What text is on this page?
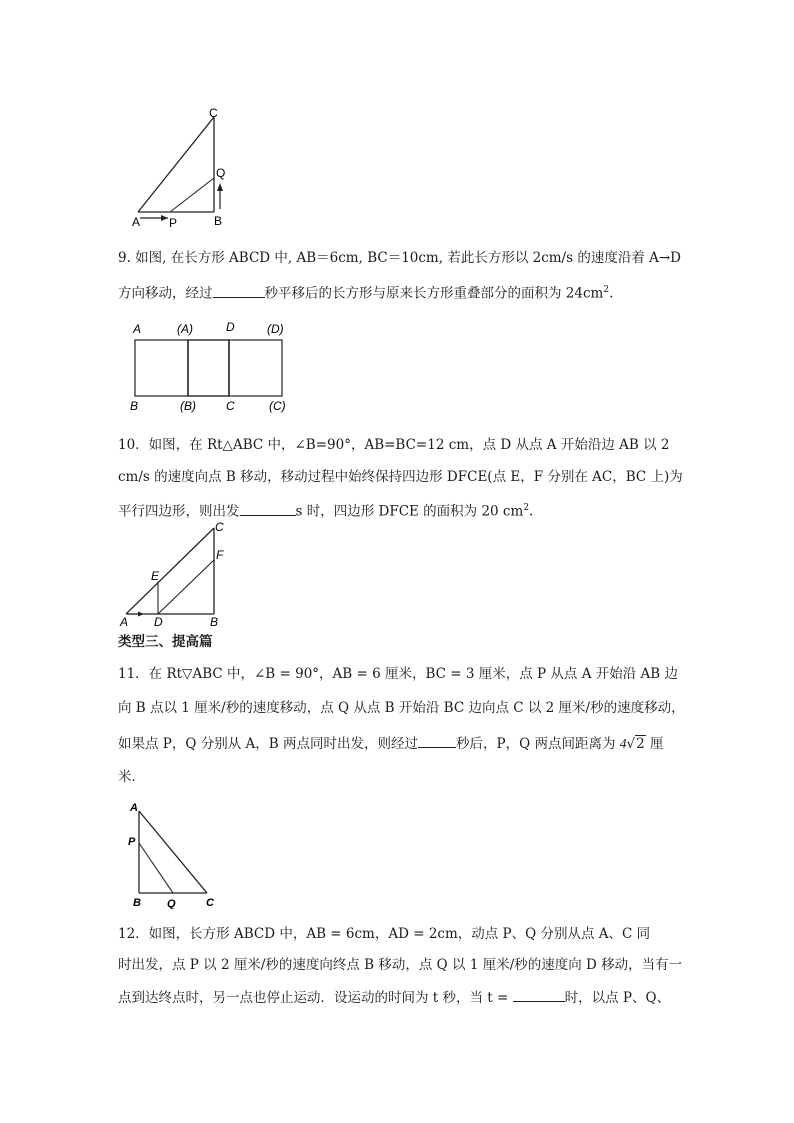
C
Q
A P	B
9. 如图, 在长方形 ABCD 中, AB＝6cm, BC＝10cm, 若此长方形以 2cm/s 的速度沿着 A→D
方向移动，经过	秒平移后的长方形与原来长方形重叠部分的面积为 $24cm^2$.
A	(A)	D	(D)
B	(B)	C	(C)
10．如图，在 Rt△ABC 中，∠B=90°，AB=BC=12 cm，点 D 从点 A 开始沿边 AB 以 2
cm/s 的速度向点 B 移动，移动过程中始终保持四边形 DFCE(点 E，F 分别在 AC，BC 上)为
平行四边形，则出发	s 时，四边形 DFCE 的面积为 20 $cm^2$.
C
F
E
A D	B
类型三、提高篇
11．在 Rt▽ABC 中，∠B = 90°，AB = 6 厘米，BC = 3 厘米，点 P 从点 A 开始沿 AB 边
向 B 点以 1 厘米/秒的速度移动，点 Q 从点 B 开始沿 BC 边向点 C 以 2 厘米/秒的速度移动，
如果点 P，Q 分别从 A，B 两点同时出发，则经过	秒后，P，Q 两点间距离为 4√2 厘
米．
A
P
B Q	C
12．如图，长方形 ABCD 中，AB = 6cm，AD = 2cm，动点 P、Q 分别从点 A、C 同
时出发，点 P 以 2 厘米/秒的速度向终点 B 移动，点 Q 以 1 厘米/秒的速度向 D 移动，当有一
点到达终点时，另一点也停止运动．设运动的时间为 t 秒，当 t =	时，以点 P、Q、
